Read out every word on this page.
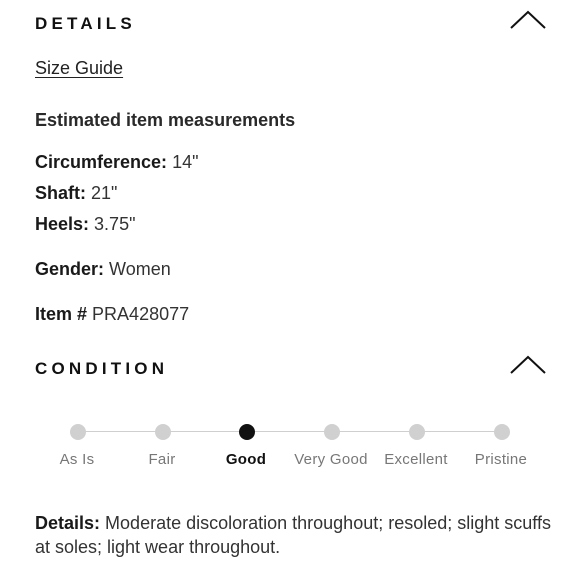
DETAILS
Size Guide
Estimated item measurements
Circumference: 14"
Shaft: 21"
Heels: 3.75"
Gender: Women
Item # PRA428077
CONDITION
As Is	Fair	Good	Very Good	Excellent	Pristine
Details: Moderate discoloration throughout; resoled; slight scuffs at soles; light wear throughout.
